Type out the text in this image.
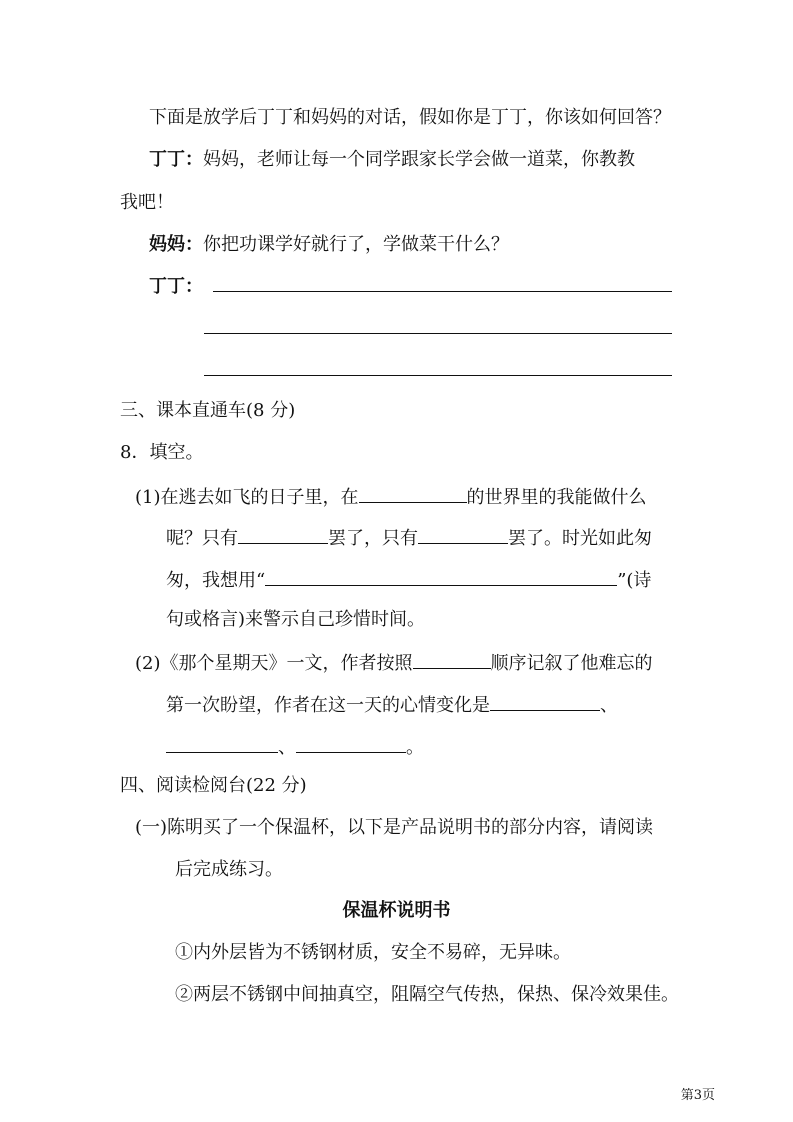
下面是放学后丁丁和妈妈的对话，假如你是丁丁，你该如何回答？
丁丁：妈妈，老师让每一个同学跟家长学会做一道菜，你教教
我吧！
妈妈：你把功课学好就行了，学做菜干什么？
丁丁：
三、课本直通车(8 分)
8．填空。
(1)在逃去如飞的日子里，在	的世界里的我能做什么
呢？只有	罢了，只有	罢了。时光如此匆
匆，我想用“	”(诗
句或格言)来警示自己珍惜时间。
(2)《那个星期天》一文，作者按照	顺序记叙了他难忘的
第一次盼望，作者在这一天的心情变化是	、
、	。
四、阅读检阅台(22 分)
(一)陈明买了一个保温杯，以下是产品说明书的部分内容，请阅读
后完成练习。
保温杯说明书
①内外层皆为不锈钢材质，安全不易碎，无异味。
②两层不锈钢中间抽真空，阻隔空气传热，保热、保冷效果佳。
第3页
